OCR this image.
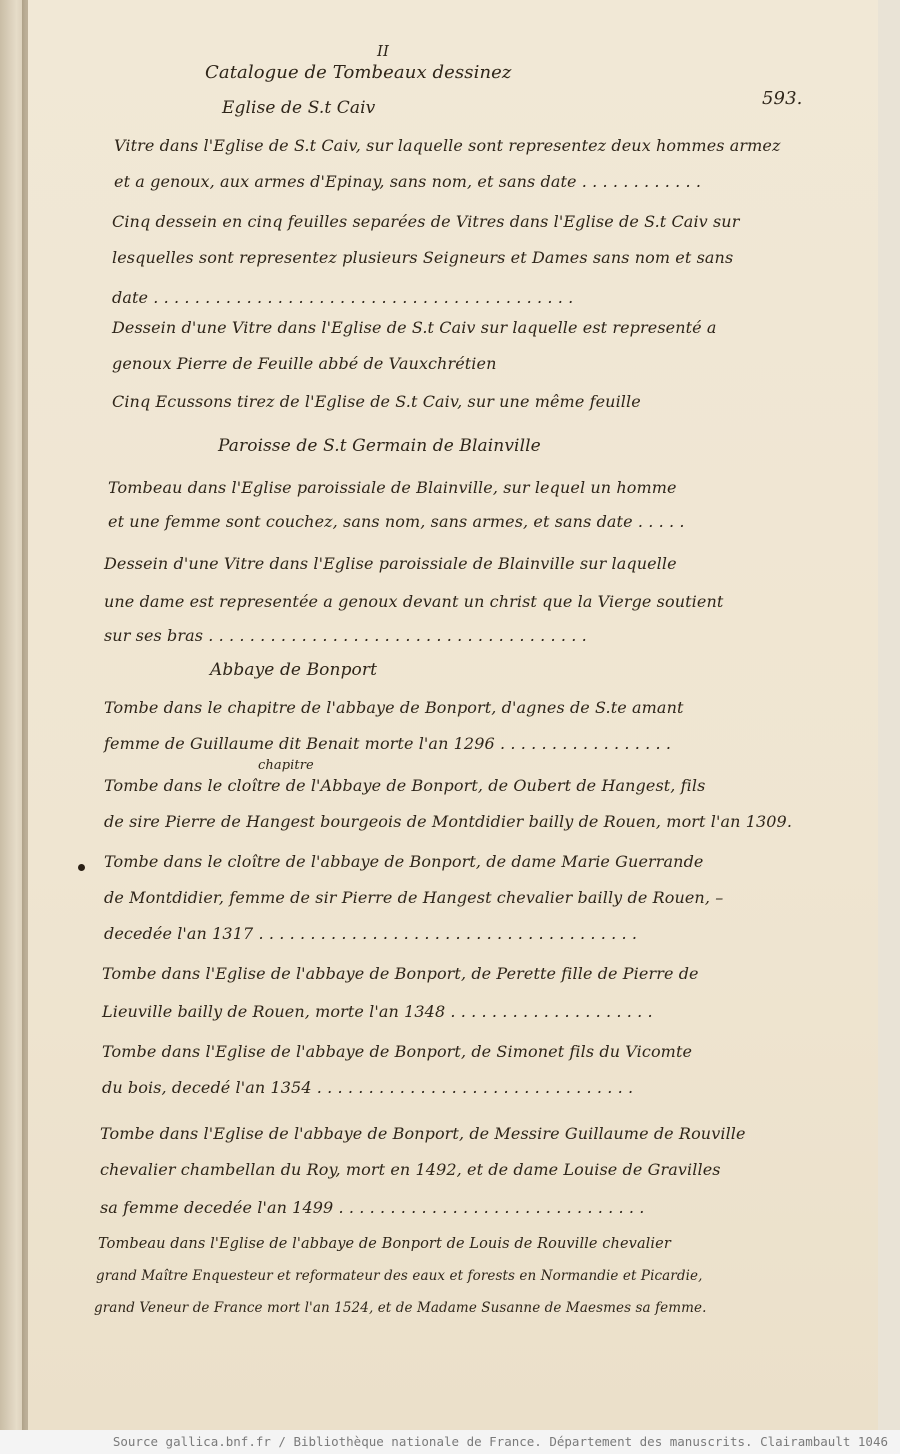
II
Catalogue de Tombeaux dessinez
593.
Eglise de S.t Caiv
Vitre dans l'Eglise de S.t Caiv, sur laquelle sont representez deux hommes armez
et a genoux, aux armes d'Epinay, sans nom, et sans date . . . . . . . . . . . .
Cinq dessein en cinq feuilles separées de Vitres dans l'Eglise de S.t Caiv sur
lesquelles sont representez plusieurs Seigneurs et Dames sans nom et sans
date . . . . . . . . . . . . . . . . . . . . . . . . . . . . . . . . . . . . . . . . .
Dessein d'une Vitre dans l'Eglise de S.t Caiv sur laquelle est representé a
genoux Pierre de Feuille abbé de Vauxchrétien
Cinq Ecussons tirez de l'Eglise de S.t Caiv, sur une même feuille
Paroisse de S.t Germain de Blainville
Tombeau dans l'Eglise paroissiale de Blainville, sur lequel un homme
et une femme sont couchez, sans nom, sans armes, et sans date . . . . .
Dessein d'une Vitre dans l'Eglise paroissiale de Blainville sur laquelle
une dame est representée a genoux devant un christ que la Vierge soutient
sur ses bras . . . . . . . . . . . . . . . . . . . . . . . . . . . . . . . . . . . . .
Abbaye de Bonport
Tombe dans le chapitre de l'abbaye de Bonport, d'agnes de S.te amant
femme de Guillaume dit Benait morte l'an 1296 . . . . . . . . . . . . . . . . .
chapitre
Tombe dans le cloître de l'Abbaye de Bonport, de Oubert de Hangest, fils
de sire Pierre de Hangest bourgeois de Montdidier bailly de Rouen, mort l'an 1309.
Tombe dans le cloître de l'abbaye de Bonport, de dame Marie Guerrande
de Montdidier, femme de sir Pierre de Hangest chevalier bailly de Rouen, –
decedée l'an 1317 . . . . . . . . . . . . . . . . . . . . . . . . . . . . . . . . . . . . .
Tombe dans l'Eglise de l'abbaye de Bonport, de Perette fille de Pierre de
Lieuville bailly de Rouen, morte l'an 1348 . . . . . . . . . . . . . . . . . . . .
Tombe dans l'Eglise de l'abbaye de Bonport, de Simonet fils du Vicomte
du bois, decedé l'an 1354 . . . . . . . . . . . . . . . . . . . . . . . . . . . . . . .
Tombe dans l'Eglise de l'abbaye de Bonport, de Messire Guillaume de Rouville
chevalier chambellan du Roy, mort en 1492, et de dame Louise de Gravilles
sa femme decedée l'an 1499 . . . . . . . . . . . . . . . . . . . . . . . . . . . . . .
Tombeau dans l'Eglise de l'abbaye de Bonport de Louis de Rouville chevalier
grand Maître Enquesteur et reformateur des eaux et forests en Normandie et Picardie,
grand Veneur de France mort l'an 1524, et de Madame Susanne de Maesmes sa femme.
Source gallica.bnf.fr / Bibliothèque nationale de France. Département des manuscrits. Clairambault 1046
